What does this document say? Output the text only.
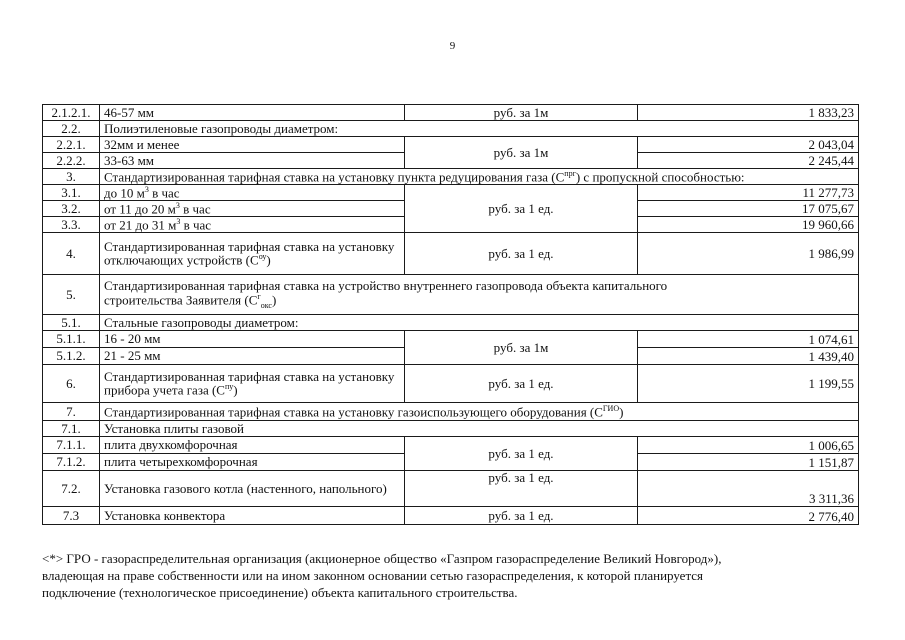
9
2.1.2.1.	46-57 мм	руб. за 1м	1 833,23
2.2.	Полиэтиленовые газопроводы диаметром:		
2.2.1.	32мм и менее	руб. за 1м	2 043,04
2.2.2.	33-63 мм		2 245,44
3.	Стандартизированная тарифная ставка на установку пункта редуцирования газа $(C^{прг})$ с пропускной способностью:		
3.1.	до 10 $м^3$ в час	руб. за 1 ед.	11 277,73
3.2.	от 11 до 20 $м^3$ в час		17 075,67
3.3.	от 21 до 31 $м^3$ в час		19 960,66
4.	Стандартизированная тарифная ставка на установку отключающих устройств $(C^{оу})$	руб. за 1 ед.	1 986,99
5.	Стандартизированная тарифная ставка на устройство внутреннего газопровода объекта капитального
строительства Заявителя $(C^г_{окс})$		
5.1.	Стальные газопроводы диаметром:		
5.1.1.	16 - 20 мм	руб. за 1м	1 074,61
5.1.2.	21 - 25 мм		1 439,40
6.	Стандартизированная тарифная ставка на установку прибора учета газа $(C^{пу})$	руб. за 1 ед.	1 199,55
7.	Стандартизированная тарифная ставка на установку газоиспользующего оборудования $(C^{ГИО})$		
7.1.	Установка плиты газовой		
7.1.1.	плита двухкомфорочная	руб. за 1 ед.	1 006,65
7.1.2.	плита четырехкомфорочная		1 151,87
7.2.	Установка газового котла (настенного, напольного)	руб. за 1 ед.	3 311,36
7.3	Установка конвектора	руб. за 1 ед.	2 776,40

<*> ГРО - газораспределительная организация (акционерное общество «Газпром газораспределение Великий Новгород»),

владеющая на праве собственности или на ином законном основании сетью газораспределения, к которой планируется

подключение (технологическое присоединение) объекта капитального строительства.
